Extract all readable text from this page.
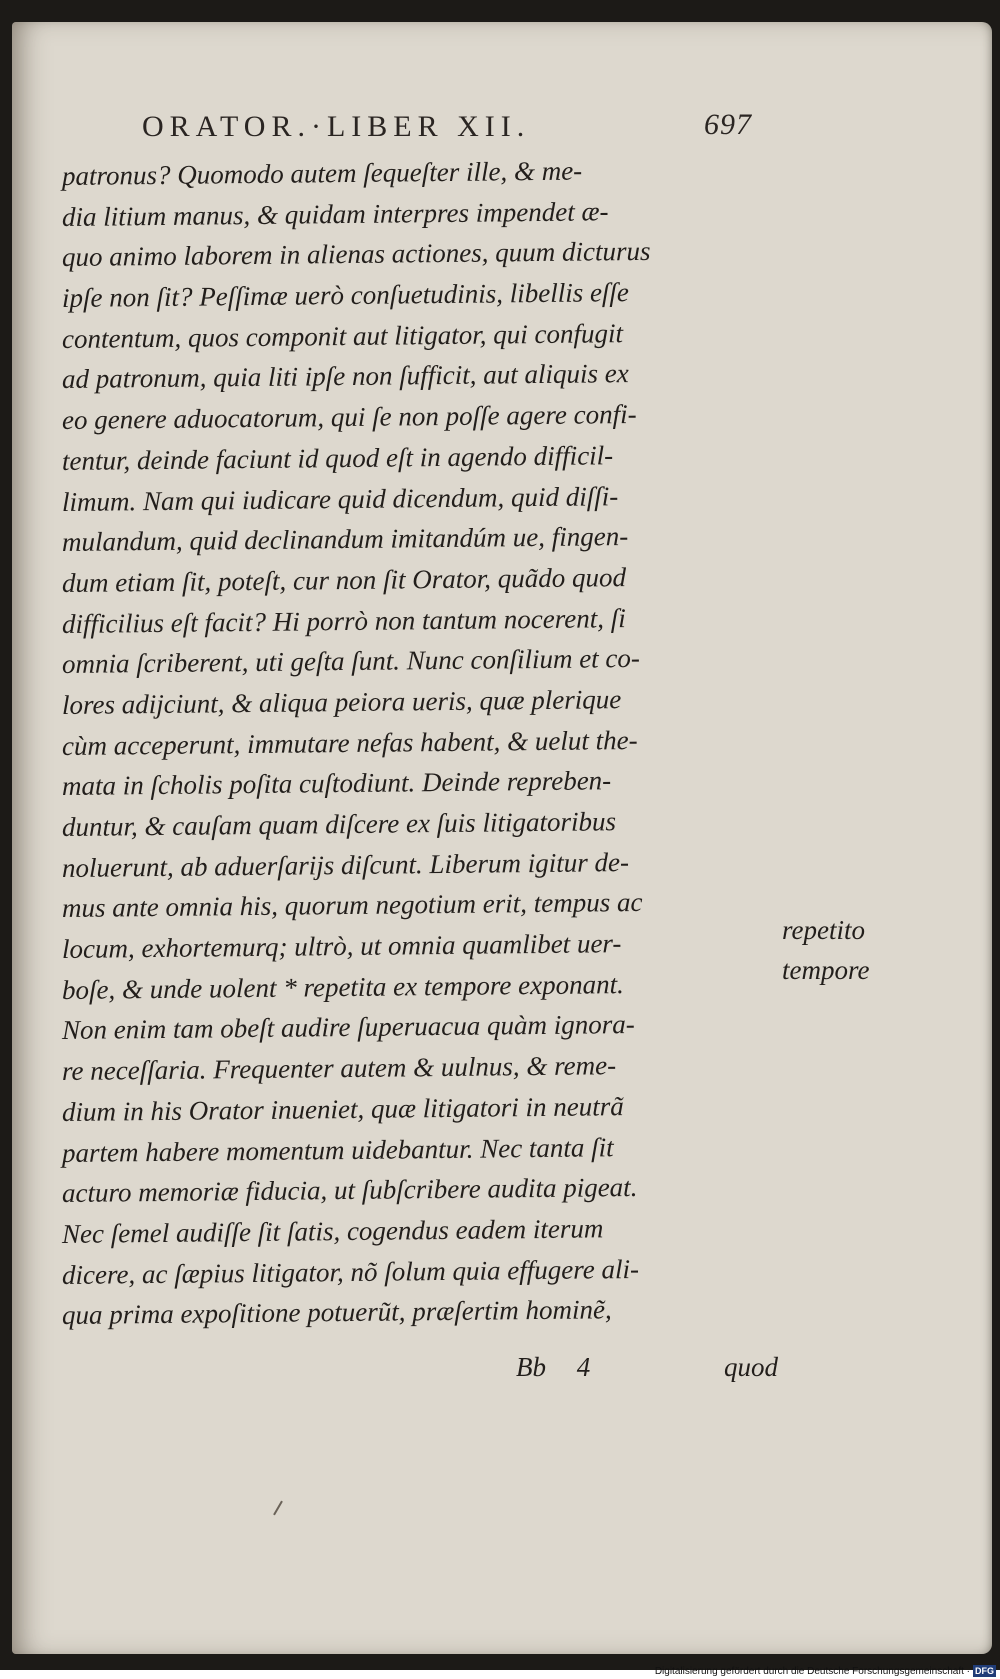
ORATOR.·LIBER XII.	697
patronus? Quomodo autem ſequeſter ille, & me-
dia litium manus, & quidam interpres impendet æ-
quo animo laborem in alienas actiones, quum dicturus
ipſe non ſit? Peſſimæ uerò conſuetudinis, libellis eſſe
contentum, quos componit aut litigator, qui confugit
ad patronum, quia liti ipſe non ſufficit, aut aliquis ex
eo genere aduocatorum, qui ſe non poſſe agere confi-
tentur, deinde faciunt id quod eſt in agendo difficil-
limum. Nam qui iudicare quid dicendum, quid diſſi-
mulandum, quid declinandum imitandúm ue, fingen-
dum etiam ſit, poteſt, cur non ſit Orator, quãdo quod
difficilius eſt facit? Hi porrò non tantum nocerent, ſi
omnia ſcriberent, uti geſta ſunt. Nunc conſilium et co-
lores adijciunt, & aliqua peiora ueris, quæ plerique
cùm acceperunt, immutare nefas habent, & uelut the-
mata in ſcholis poſita cuſtodiunt. Deinde repreben-
duntur, & cauſam quam diſcere ex ſuis litigatoribus
noluerunt, ab aduerſarijs diſcunt. Liberum igitur de-
mus ante omnia his, quorum negotium erit, tempus ac
locum, exhortemurq; ultrò, ut omnia quamlibet uer-
boſe, & unde uolent * repetita ex tempore exponant.
Non enim tam obeſt audire ſuperuacua quàm ignora-
re neceſſaria. Frequenter autem & uulnus, & reme-
dium in his Orator inueniet, quæ litigatori in neutrã
partem habere momentum uidebantur. Nec tanta ſit
acturo memoriæ fiducia, ut ſubſcribere audita pigeat.
Nec ſemel audiſſe ſit ſatis, cogendus eadem iterum
dicere, ac ſæpius litigator, nõ ſolum quia effugere ali-
qua prima expoſitione potuerũt, præſertim hominẽ,
repetito
tempore
Bb 4	quod
Digitalisierung gefördert durch die Deutsche Forschungsgemeinschaft · DFG
